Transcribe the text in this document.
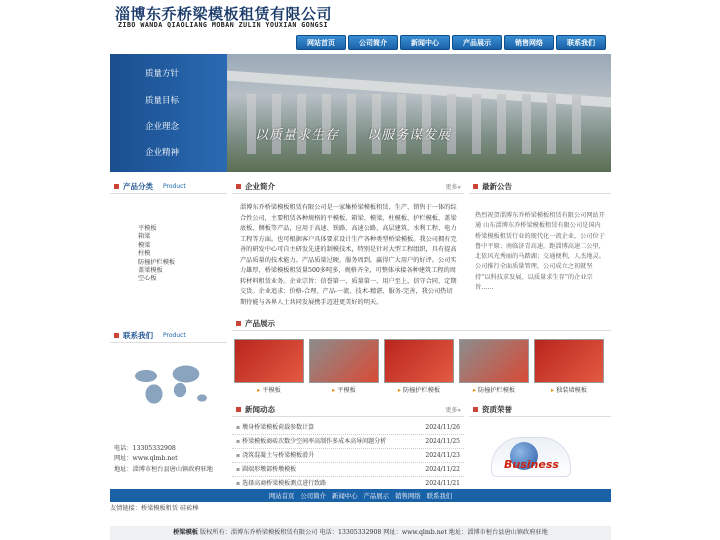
淄博东乔桥梁模板租赁有限公司
ZIBO WANDA QIAOLIANG MOBAN ZULIN YOUXIAN GONGSI
网站首页	公司简介	新闻中心	产品展示	销售网络	联系我们
质量方针
质量目标
企业理念
企业精神
以质量求生存　　以服务谋发展
产品分类 Product
平模板
箱梁
模梁
柱模
防撞护栏模板
盖梁模板
空心板
联系我们 Product
电话：13305332908
网址：www.qlmb.net
地址：淄博市桓台县唐山镇政府驻地
企业简介	更多»
淄博东乔桥梁模板租赁有限公司是一家集桥梁模板租赁、生产、销售于一体的综合性公司，主要租赁各种规格的平模板、箱梁、模梁、柱模板、护栏模板、盖梁底板、侧板等产品，应用于高速、铁路、高速公路、高层建筑、水利工程、电力工程等方面。也可根据客户具体要求设计生产各种类型桥梁模板。我公司拥有完善的研发中心可自主研发先进的制模技术，特别是针对大型工程组织，具有提高产品质量的技术能力。产品质量过硬，服务周到，赢得广大用户的好评。公司实力雄厚，桥梁模板租赁量500多吨多，规格齐全，可整体承接各种建筑工程的周转材料租赁业务。企业宗旨：信誉第一、质量第一、用户至上、信守合同、定期交货。企业追求：价格-合理、产品-一流、技术-精湛、服务-完善，我公司热切期待能与各界人士共同发展携手迈进更美好的明天。
最新公告
热烈祝贺淄博东乔桥梁模板租赁有限公司网站开通 山东淄博东乔桥梁模板租赁有限公司是国内桥梁模板租赁行业的现代化一流企业，公司位于鲁中平原；南临济青高速，距淄博高速二公里，北依风光秀丽的马踏湖；交通便利，人杰地灵。公司推行全面质量管理，公司成立之初就坚持“以科技求发展、以质量求生存”的企业宗旨……
产品展示
▸ 平模板	▸ 平模板	▸ 防撞护栏模板	▸ 防撞护栏模板	▸ 独装墙模板
新闻动态	更多»
▪ 墩身桥梁模板荷载参数计算	2024/11/26
▪ 桥梁模板商砖次数少空间率高制作多成本高导问题分析	2024/11/25
▪ 浇筑混凝土与桥梁模板滑升	2024/11/23
▪ 圆端形墩部桥墩模板	2024/11/22
▪ 选择高商桥梁模板测点进行致路	2024/11/21
资质荣誉
Business
网站首页 公司简介 新闻中心 产品展示 销售网络 联系我们
友情链接：桥梁模板租赁 硅砖棒
桥梁模板 版权所有：淄博东乔桥梁模板租赁有限公司 电话：13305332908 网址：www.qlmb.net 地址：淄博市桓台县唐山镇政府驻地
